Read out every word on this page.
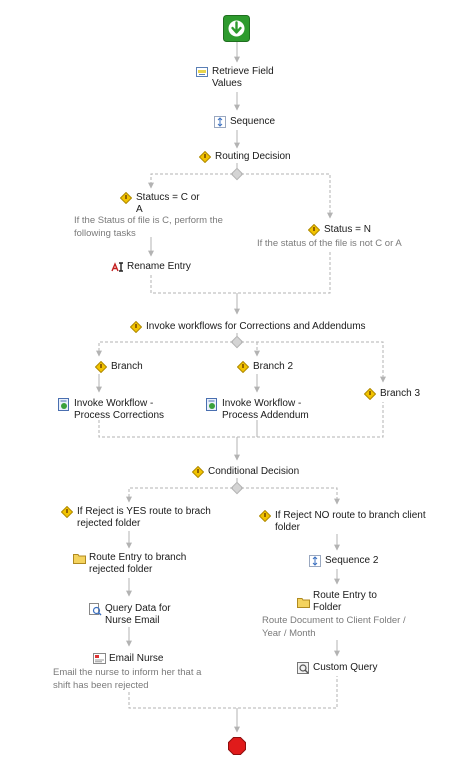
Retrieve Field
Values
Sequence
Routing Decision
Statucs = C or
A
If the Status of file is C, perform the
following tasks	Status = N
If the status of the file is not C or A
Rename Entry
Invoke workflows for Corrections and Addendums
Branch	Branch 2
Branch 3
Invoke Workflow -
Process Corrections
Invoke Workflow -
Process Addendum
Conditional Decision
If Reject is YES route to brach
rejected folder
If Reject NO route to branch client
folder
Route Entry to branch
rejected folder
Sequence 2
Query Data for
Nurse Email
Route Entry to
Folder
Route Document to Client Folder /
Year / Month
Email Nurse
Email the nurse to inform her that a
shift has been rejected
Custom Query
